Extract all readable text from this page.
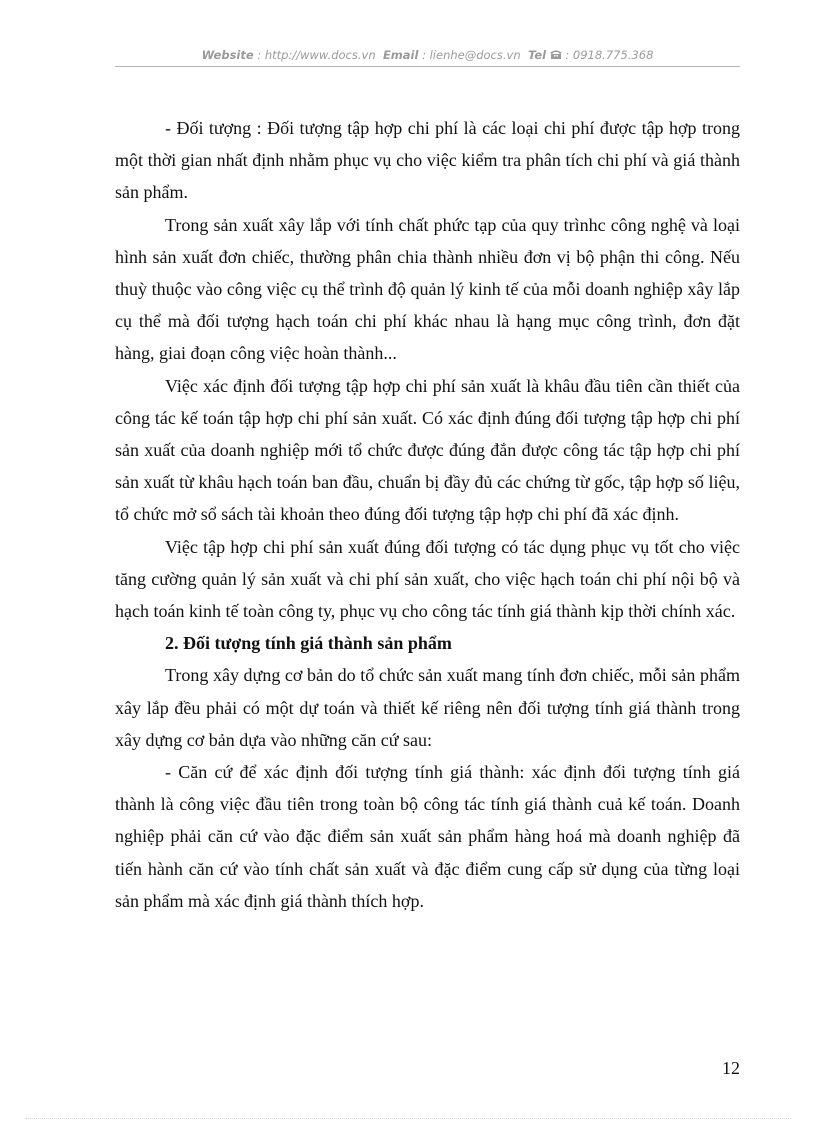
Website : http://www.docs.vn Email : lienhe@docs.vn Tel : 0918.775.368

- Đối tượng : Đối tượng tập hợp chi phí là các loại chi phí được tập hợp trong một thời gian nhất định nhằm phục vụ cho việc kiểm tra phân tích chi phí và giá thành sản phẩm.

Trong sản xuất xây lắp với tính chất phức tạp của quy trìnhc công nghệ và loại hình sản xuất đơn chiếc, thường phân chia thành nhiều đơn vị bộ phận thi công. Nếu thuỳ thuộc vào công việc cụ thể trình độ quản lý kinh tế của mỗi doanh nghiệp xây lắp cụ thể mà đối tượng hạch toán chi phí khác nhau là hạng mục công trình, đơn đặt hàng, giai đoạn công việc hoàn thành...

Việc xác định đối tượng tập hợp chi phí sản xuất là khâu đầu tiên cần thiết của công tác kế toán tập hợp chi phí sản xuất. Có xác định đúng đối tượng tập hợp chi phí sản xuất của doanh nghiệp mới tổ chức được đúng đắn được công tác tập hợp chi phí sản xuất từ khâu hạch toán ban đầu, chuẩn bị đầy đủ các chứng từ gốc, tập hợp số liệu, tổ chức mở sổ sách tài khoản theo đúng đối tượng tập hợp chi phí đã xác định.

Việc tập hợp chi phí sản xuất đúng đối tượng có tác dụng phục vụ tốt cho việc tăng cường quản lý sản xuất và chi phí sản xuất, cho việc hạch toán chi phí nội bộ và hạch toán kinh tế toàn công ty, phục vụ cho công tác tính giá thành kịp thời chính xác.

2. Đối tượng tính giá thành sản phẩm

Trong xây dựng cơ bản do tổ chức sản xuất mang tính đơn chiếc, mỗi sản phẩm xây lắp đều phải có một dự toán và thiết kế riêng nên đối tượng tính giá thành trong xây dựng cơ bản dựa vào những căn cứ sau:

- Căn cứ để xác định đối tượng tính giá thành: xác định đối tượng tính giá thành là công việc đầu tiên trong toàn bộ công tác tính giá thành cuả kế toán. Doanh nghiệp phải căn cứ vào đặc điểm sản xuất sản phẩm hàng hoá mà doanh nghiệp đã tiến hành căn cứ vào tính chất sản xuất và đặc điểm cung cấp sử dụng của từng loại sản phẩm mà xác định giá thành thích hợp.

12
